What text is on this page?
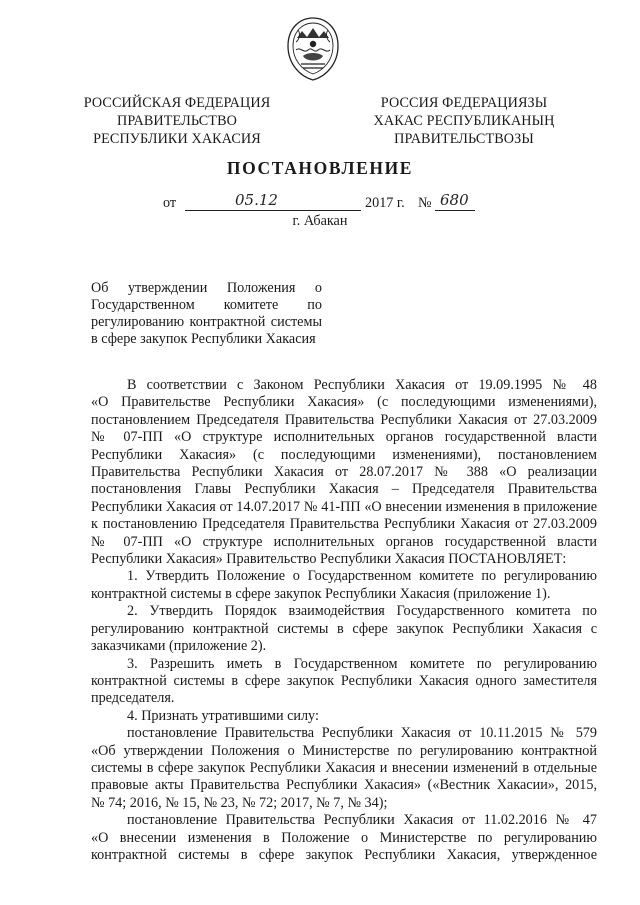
РОССИЙСКАЯ ФЕДЕРАЦИЯ
ПРАВИТЕЛЬСТВО
РЕСПУБЛИКИ ХАКАСИЯ
РОССИЯ ФЕДЕРАЦИЯЗЫ
ХАКАС РЕСПУБЛИКАНЫҢ
ПРАВИТЕЛЬСТВОЗЫ
ПОСТАНОВЛЕНИЕ
от	05.12	2017 г. № 680
г. Абакан
Об утверждении Положения о
Государственном комитете по
регулированию контрактной системы
в сфере закупок Республики Хакасия
В соответствии с Законом Республики Хакасия от 19.09.1995 № 48
«О Правительстве Республики Хакасия» (с последующими изменениями),
постановлением Председателя Правительства Республики Хакасия от 27.03.2009
№ 07-ПП «О структуре исполнительных органов государственной власти
Республики Хакасия» (с последующими изменениями), постановлением
Правительства Республики Хакасия от 28.07.2017 № 388 «О реализации
постановления Главы Республики Хакасия – Председателя Правительства
Республики Хакасия от 14.07.2017 № 41-ПП «О внесении изменения в приложение
к постановлению Председателя Правительства Республики Хакасия от 27.03.2009
№ 07-ПП «О структуре исполнительных органов государственной власти
Республики Хакасия» Правительство Республики Хакасия ПОСТАНОВЛЯЕТ:
1. Утвердить Положение о Государственном комитете по регулированию
контрактной системы в сфере закупок Республики Хакасия (приложение 1).
2. Утвердить Порядок взаимодействия Государственного комитета по
регулированию контрактной системы в сфере закупок Республики Хакасия с
заказчиками (приложение 2).
3. Разрешить иметь в Государственном комитете по регулированию
контрактной системы в сфере закупок Республики Хакасия одного заместителя
председателя.
4. Признать утратившими силу:
постановление Правительства Республики Хакасия от 10.11.2015 № 579
«Об утверждении Положения о Министерстве по регулированию контрактной
системы в сфере закупок Республики Хакасия и внесении изменений в отдельные
правовые акты Правительства Республики Хакасия» («Вестник Хакасии», 2015,
№ 74; 2016, № 15, № 23, № 72; 2017, № 7, № 34);
постановление Правительства Республики Хакасия от 11.02.2016 № 47
«О внесении изменения в Положение о Министерстве по регулированию
контрактной системы в сфере закупок Республики Хакасия, утвержденное
